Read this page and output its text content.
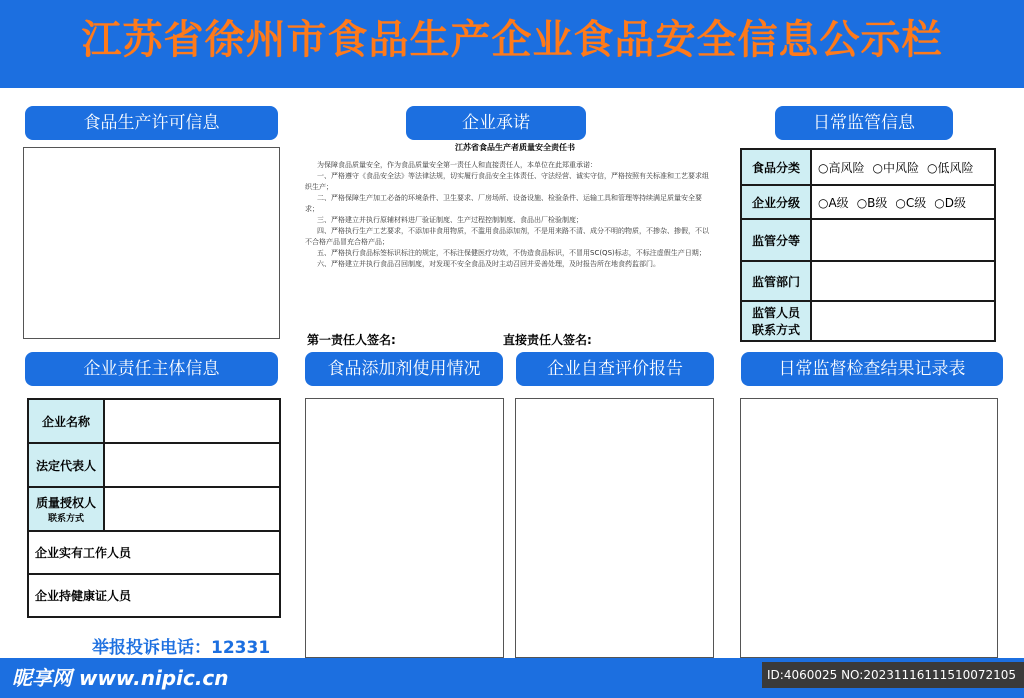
江苏省徐州市食品生产企业食品安全信息公示栏
食品生产许可信息	企业承诺	日常监管信息
企业责任主体信息	食品添加剂使用情况	企业自查评价报告	日常监督检查结果记录表
食品分类	○高风险 ○中风险 ○低风险
企业分级	○A级 ○B级 ○C级 ○D级
监管分等	
监管部门	
监管人员
联系方式	
江苏省食品生产者质量安全责任书

为保障食品质量安全，作为食品质量安全第一责任人和直接责任人，本单位在此郑重承诺：

一、严格遵守《食品安全法》等法律法规，切实履行食品安全主体责任、守法经营、诚实守信，严格按照有关标准和工艺要求组织生产；

二、严格保障生产加工必备的环境条件、卫生要求、厂房场所、设备设施、检验条件、运输工具和管理等持续满足质量安全要求；

三、严格建立并执行原辅材料进厂验证制度、生产过程控制制度、食品出厂检验制度；

四、严格执行生产工艺要求，不添加非食用物质，不滥用食品添加剂，不是用来路不清、成分不明的物质，不掺杂、掺假，不以不合格产品冒充合格产品；

五、严格执行食品标签标识标注的规定，不标注保健医疗功效，不伪造食品标识，不冒用SC(QS)标志，不标注虚假生产日期；

六、严格建立并执行食品召回制度，对发现不安全食品及时主动召回并妥善处理，及时报告所在地食药监部门。

第一责任人签名:	直接责任人签名:
企业名称	
法定代表人	
质量授权人
联系方式	

企业实有工作人员	
企业持健康证人员	
举报投诉电话：12331
昵享网 www.nipic.cn	ID:4060025 NO:20231116111510072105
